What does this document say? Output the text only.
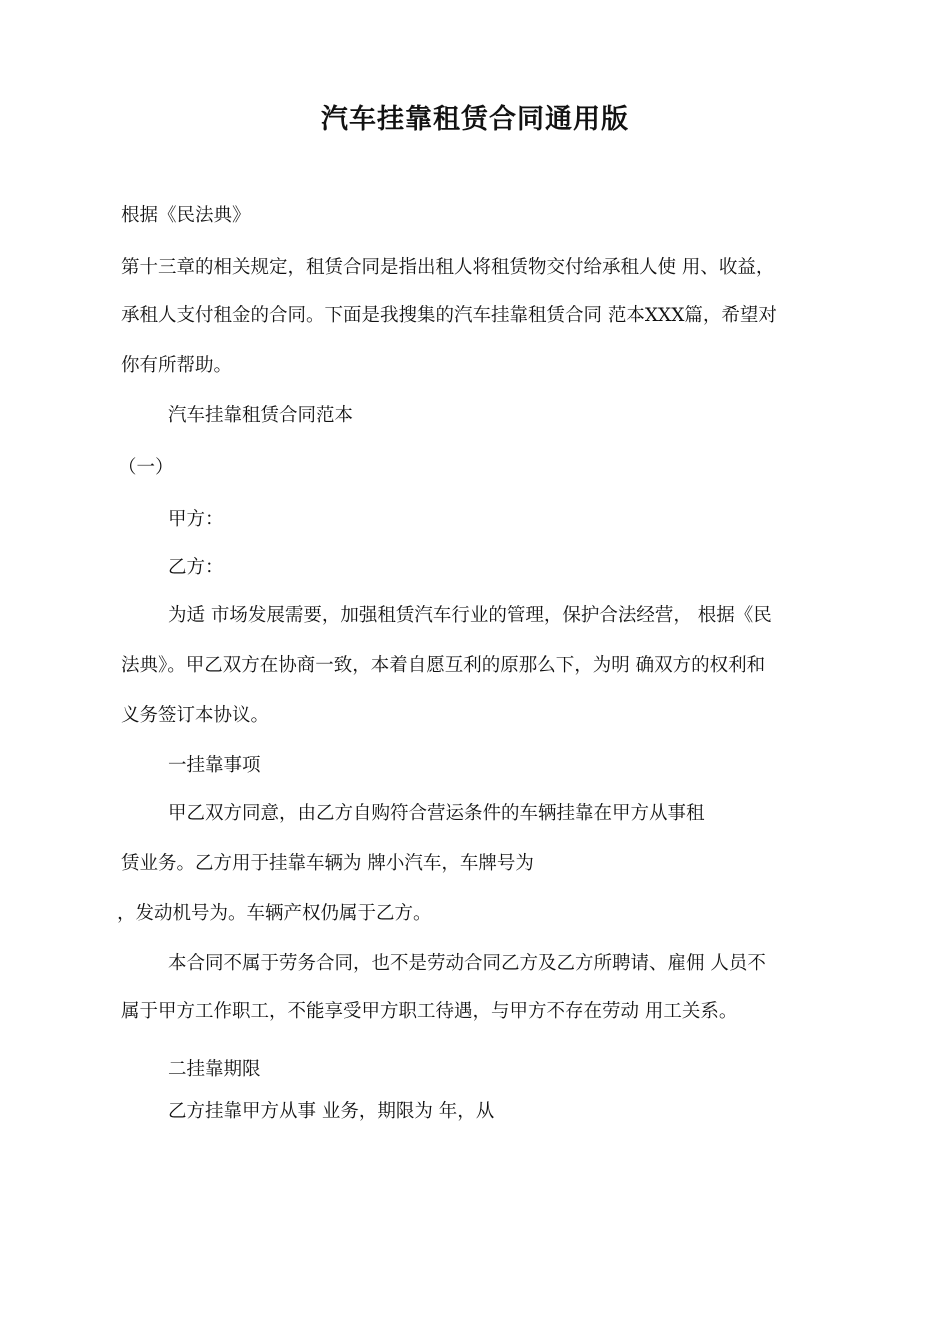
汽车挂靠租赁合同通用版
根据《民法典》
第十三章的相关规定，租赁合同是指出租人将租赁物交付给承租人使 用、收益，
承租人支付租金的合同。下面是我搜集的汽车挂靠租赁合同 范本XXX篇，希望对
你有所帮助。
汽车挂靠租赁合同范本
（一）
甲方：
乙方：
为适 市场发展需要，加强租赁汽车行业的管理，保护合法经营， 根据《民
法典》。甲乙双方在协商一致，本着自愿互利的原那么下，为明 确双方的权利和
义务签订本协议。
一挂靠事项
甲乙双方同意，由乙方自购符合营运条件的车辆挂靠在甲方从事租
赁业务。乙方用于挂靠车辆为 牌小汽车，车牌号为
，发动机号为。车辆产权仍属于乙方。
本合同不属于劳务合同，也不是劳动合同乙方及乙方所聘请、雇佣 人员不
属于甲方工作职工，不能享受甲方职工待遇，与甲方不存在劳动 用工关系。
二挂靠期限
乙方挂靠甲方从事 业务，期限为 年，从
